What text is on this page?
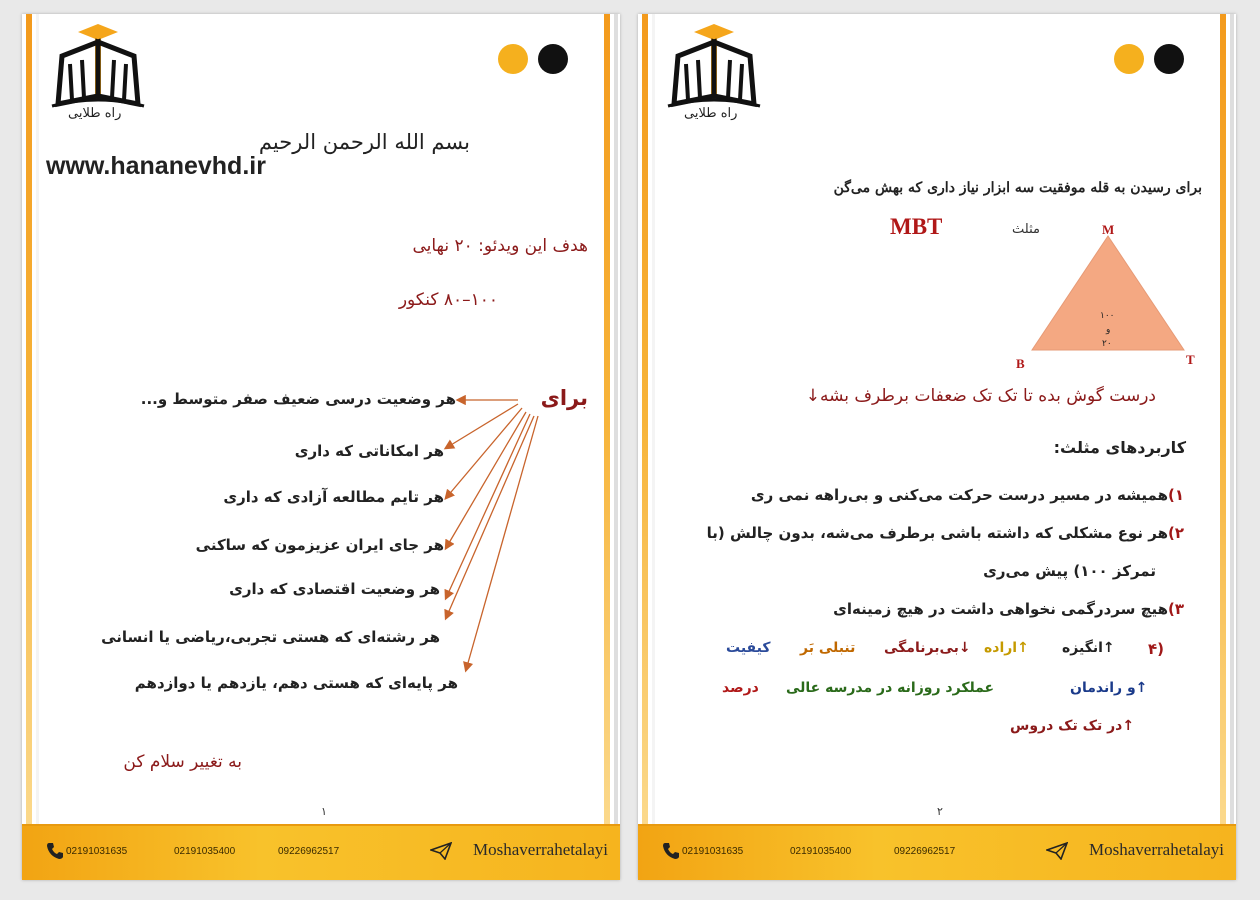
راه طلایی
بسم الله الرحمن الرحیم
هدف این ویدئو: ۲۰ نهایی
۱۰۰–۸۰ کنکور
برای
هر وضعیت درسی ضعیف صفر متوسط و...
هر امکاناتی که داری
هر تایم مطالعه آزادی که داری
هر جای ایران عزیزمون که ساکنی
هر وضعیت اقتصادی که داری
هر رشته‌ای که هستی تجربی،ریاضی یا انسانی
هر پایه‌ای که هستی دهم، یازدهم یا دوازدهم
به تغییر سلام کن
۱
02191031635	02191035400	09226962517	Moshaverrahetalayi
راه طلایی
برای رسیدن به قله موفقیت سه ابزار نیاز داری که بهش می‌گن
مثلث
MBT	M
B	T
۱۰۰
و
۲۰
درست گوش بده تا تک تک ضعفات برطرف بشه↓
کاربردهای مثلث:
۱)همیشه در مسیر درست حرکت می‌کنی و بی‌راهه نمی ری
۲)هر نوع مشکلی که داشته باشی برطرف می‌شه، بدون چالش (با
تمرکز ۱۰۰) پیش می‌ری
۳)هیچ سردرگمی نخواهی داشت در هیچ زمینه‌ای
۴)
انگیزه↑
اراده↑
بی‌برنامگی↓
تنبلی بَر
کیفیت
و راندمان↑
عملکرد روزانه در مدرسه عالی
درصد
در تک تک دروس↑
۲
02191031635	02191035400	09226962517	Moshaverrahetalayi
www.hananevhd.ir
